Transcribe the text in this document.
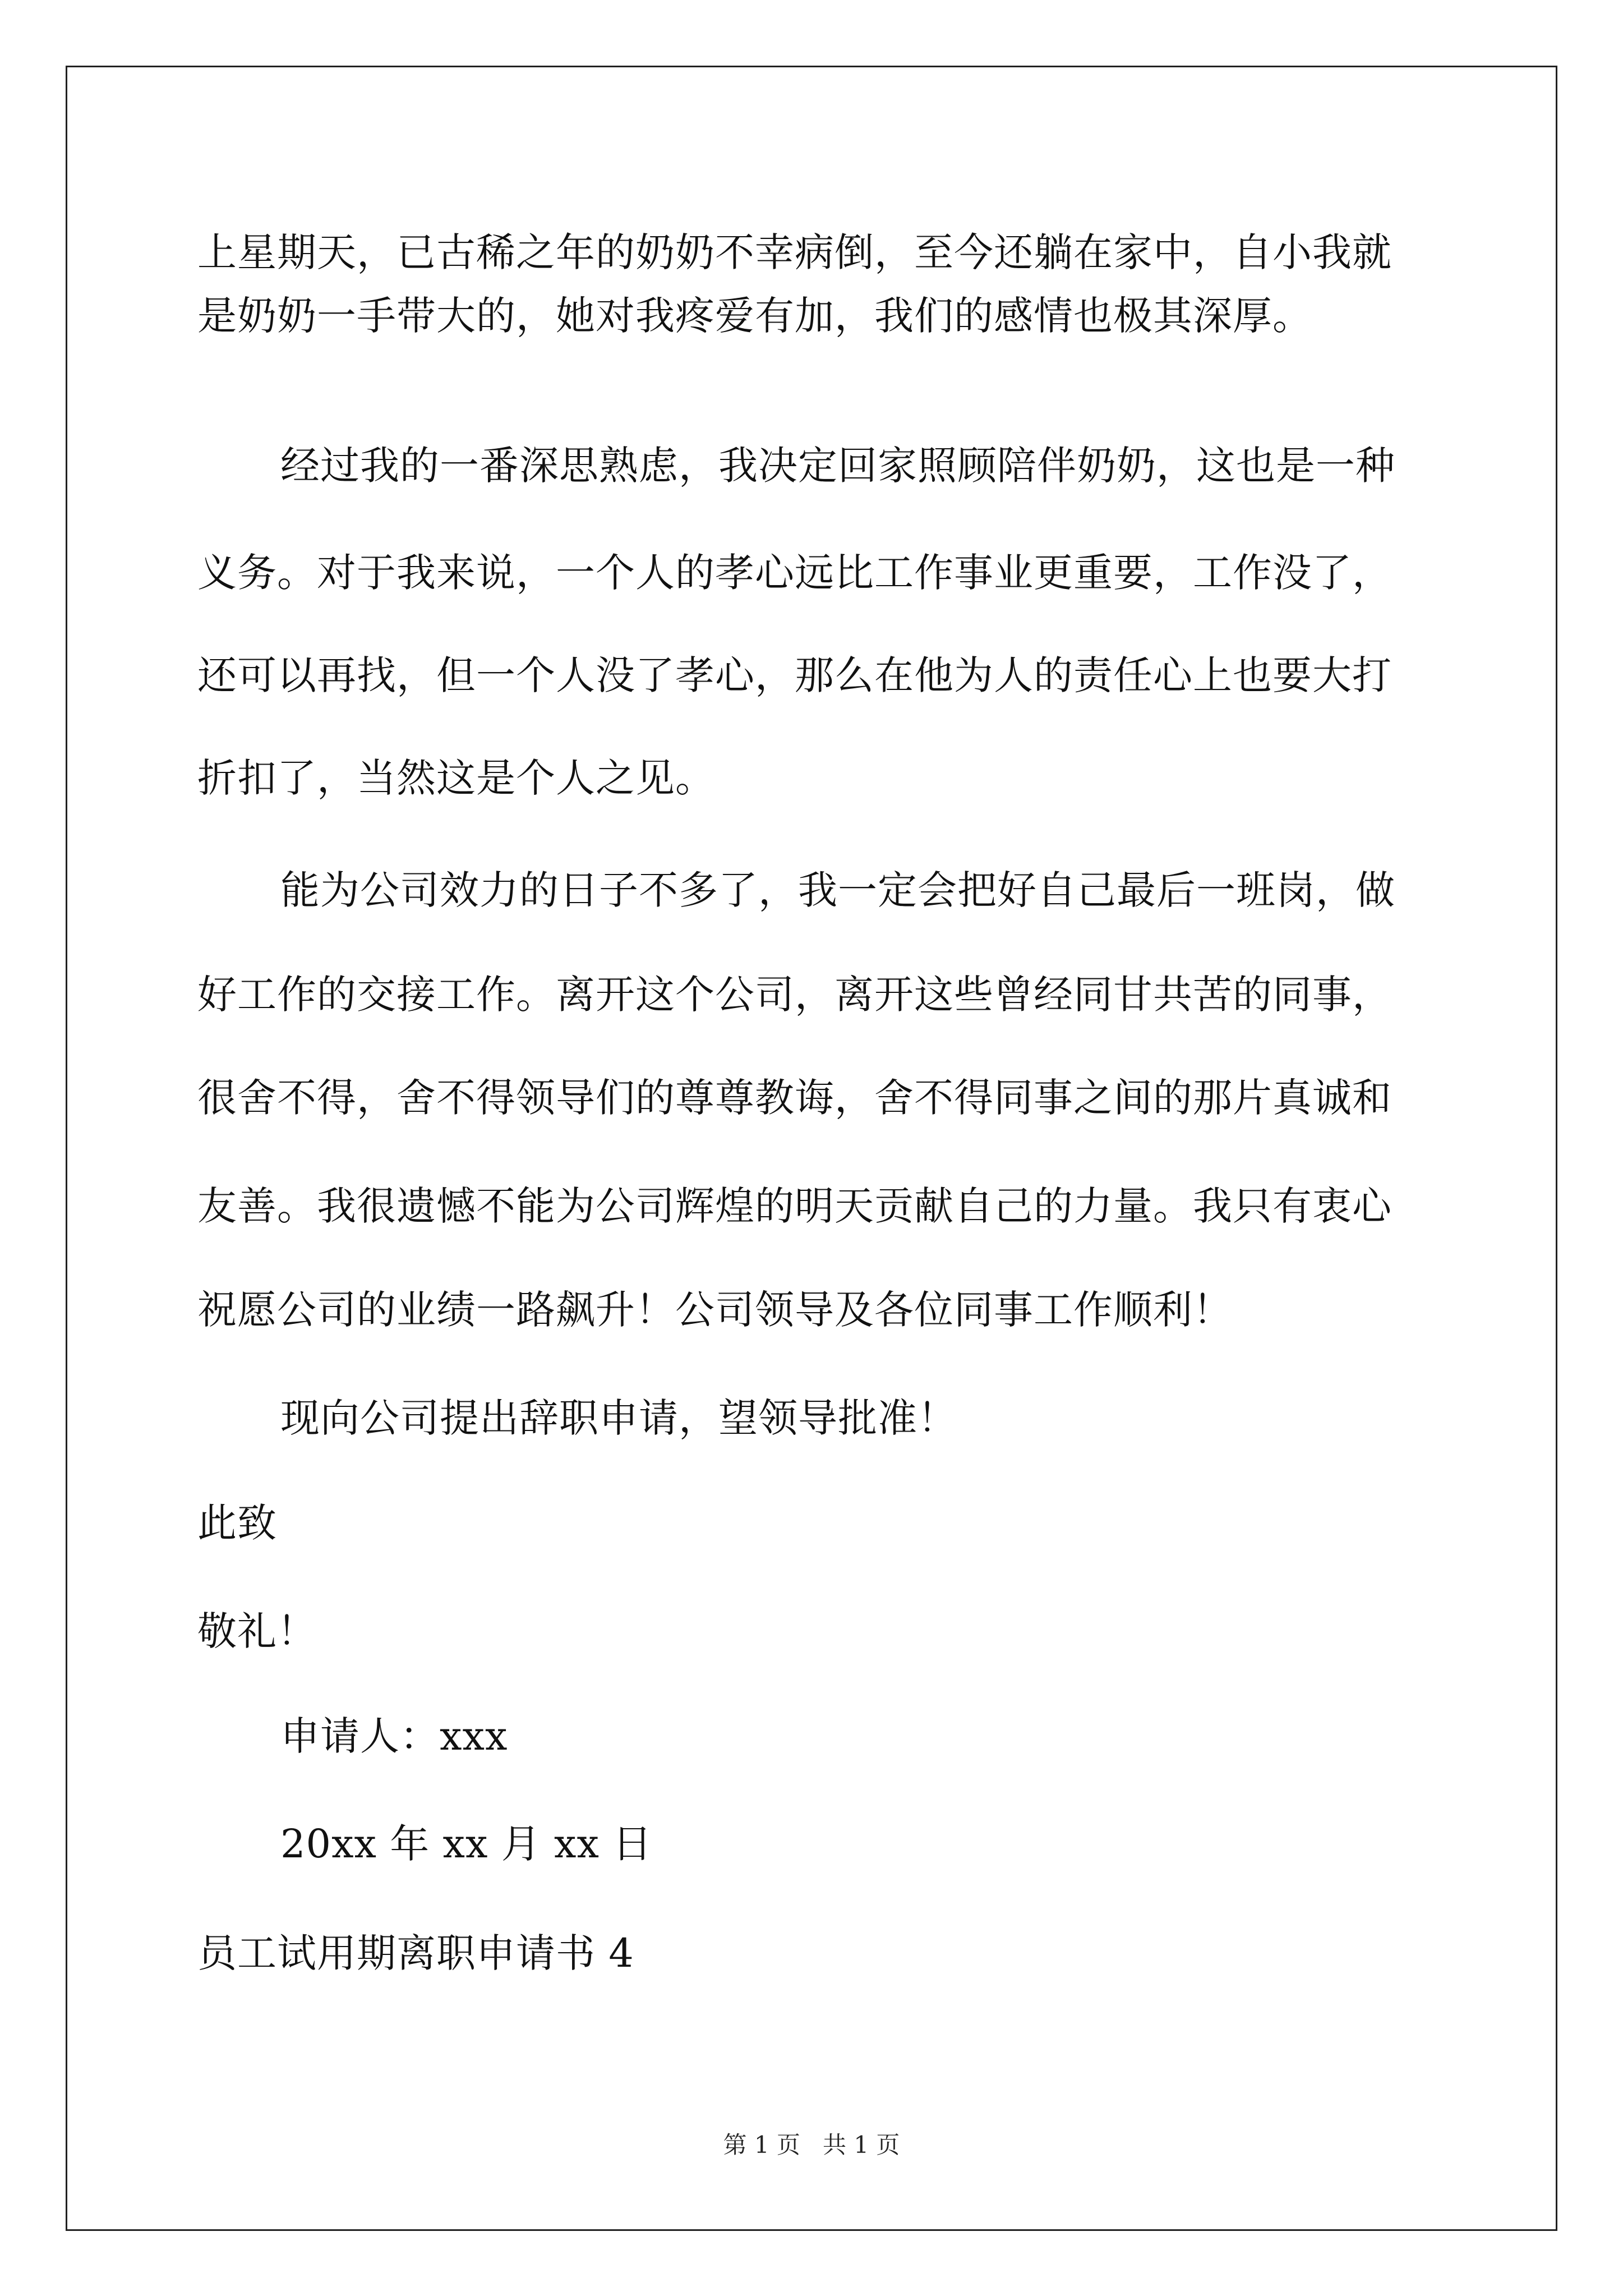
上星期天，已古稀之年的奶奶不幸病倒，至今还躺在家中，自小我就
是奶奶一手带大的，她对我疼爱有加，我们的感情也极其深厚。
经过我的一番深思熟虑，我决定回家照顾陪伴奶奶，这也是一种
义务。对于我来说，一个人的孝心远比工作事业更重要，工作没了，
还可以再找，但一个人没了孝心，那么在他为人的责任心上也要大打
折扣了，当然这是个人之见。
能为公司效力的日子不多了，我一定会把好自己最后一班岗，做
好工作的交接工作。离开这个公司，离开这些曾经同甘共苦的同事，
很舍不得，舍不得领导们的尊尊教诲，舍不得同事之间的那片真诚和
友善。我很遗憾不能为公司辉煌的明天贡献自己的力量。我只有衷心
祝愿公司的业绩一路飙升！公司领导及各位同事工作顺利！
现向公司提出辞职申请，望领导批准！
此致
敬礼！
申请人：xxx
20xx 年 xx 月 xx 日
员工试用期离职申请书 4
第 1 页 共 1 页
